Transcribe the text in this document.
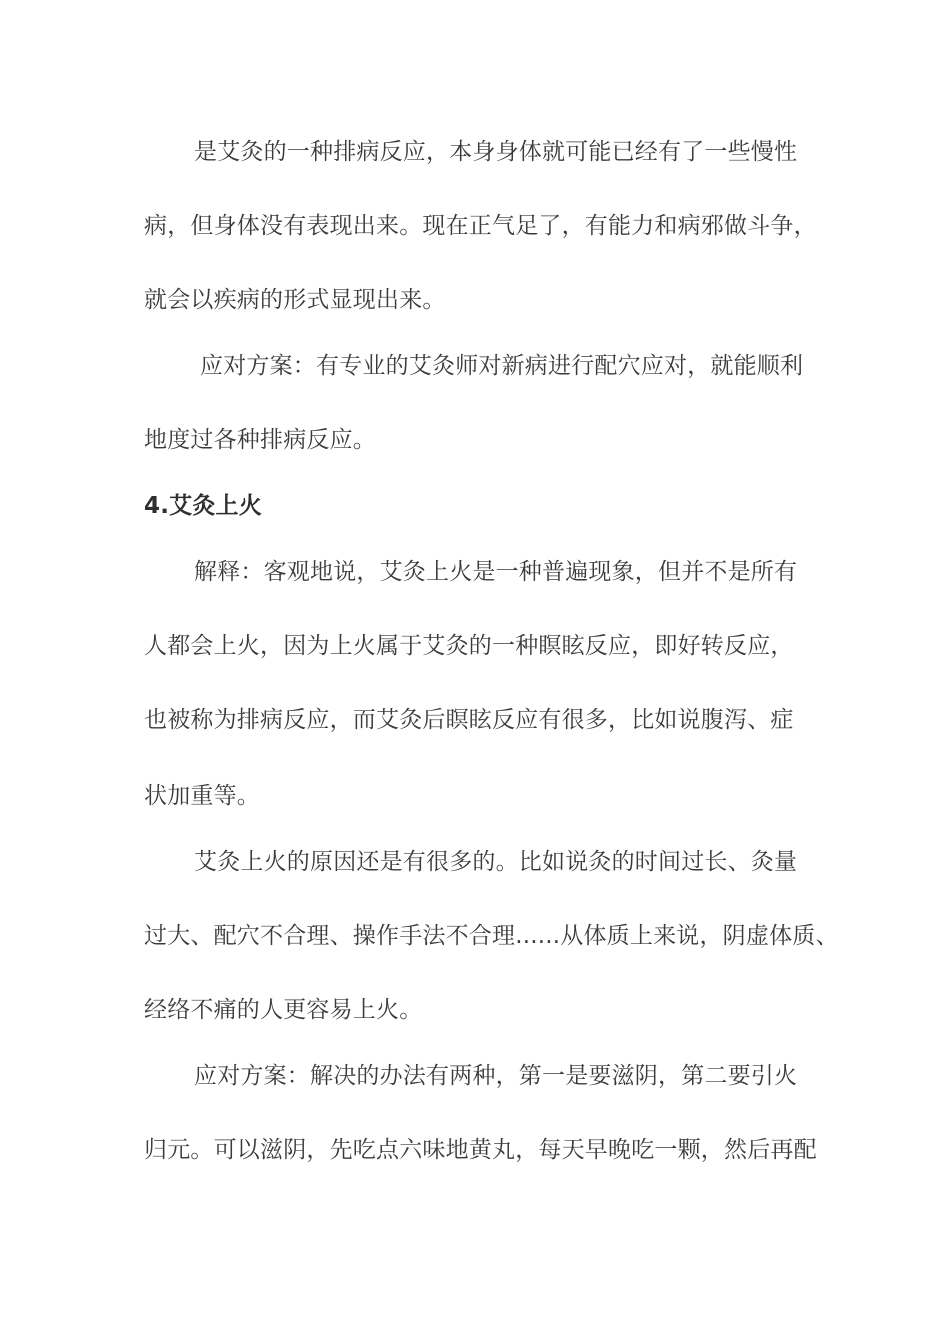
是艾灸的一种排病反应，本身身体就可能已经有了一些慢性
病，但身体没有表现出来。现在正气足了，有能力和病邪做斗争，
就会以疾病的形式显现出来。
应对方案：有专业的艾灸师对新病进行配穴应对，就能顺利
地度过各种排病反应。
4.艾灸上火
解释：客观地说，艾灸上火是一种普遍现象，但并不是所有
人都会上火，因为上火属于艾灸的一种瞑眩反应，即好转反应，
也被称为排病反应，而艾灸后瞑眩反应有很多，比如说腹泻、症
状加重等。
艾灸上火的原因还是有很多的。比如说灸的时间过长、灸量
过大、配穴不合理、操作手法不合理......从体质上来说，阴虚体质、
经络不痛的人更容易上火。
应对方案：解决的办法有两种，第一是要滋阴，第二要引火
归元。可以滋阴，先吃点六味地黄丸，每天早晚吃一颗，然后再配
